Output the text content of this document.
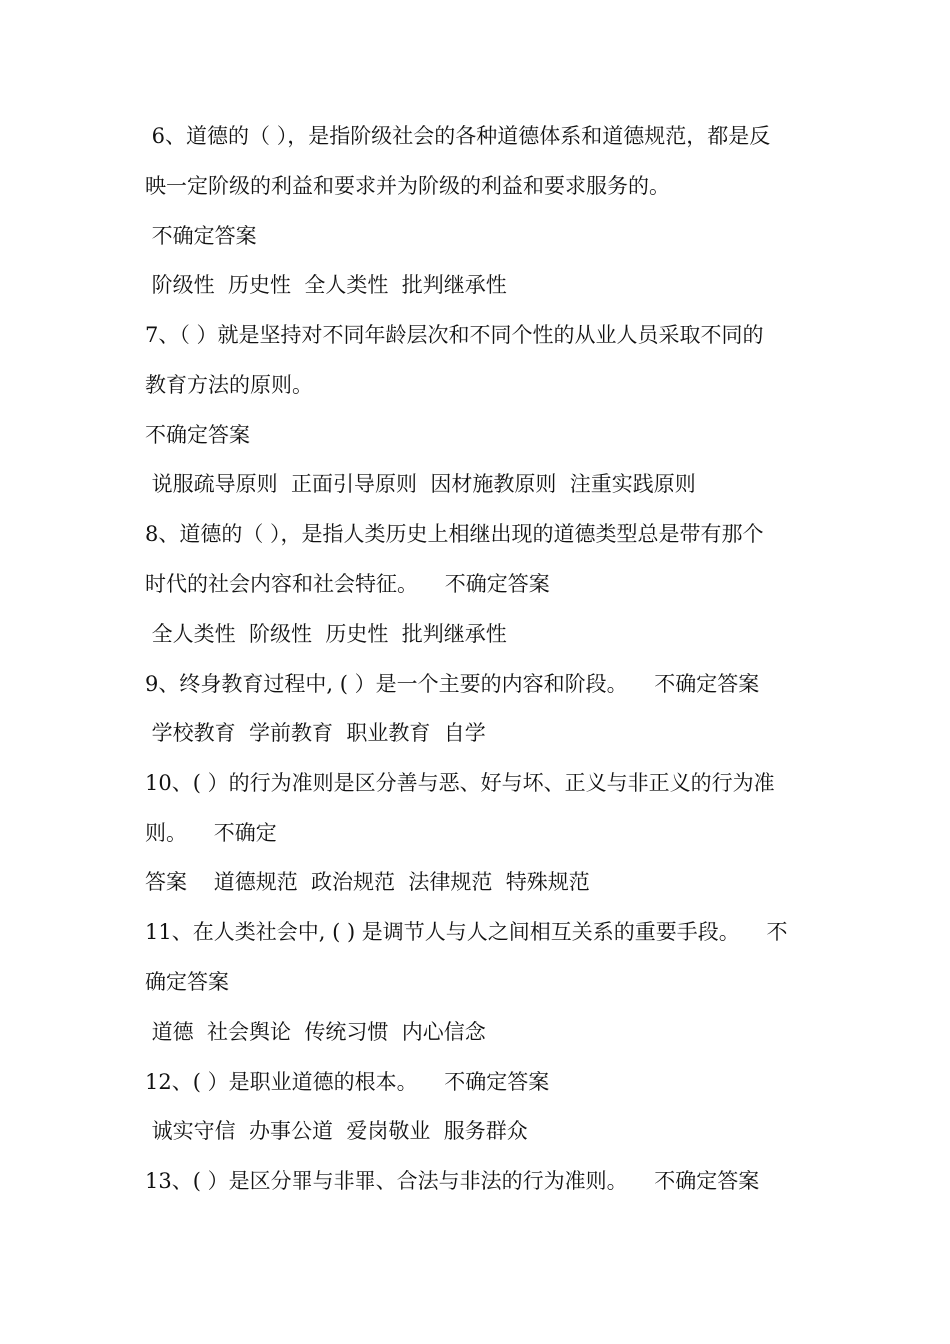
6、道德的（ ），是指阶级社会的各种道德体系和道德规范，都是反
映一定阶级的利益和要求并为阶级的利益和要求服务的。
不确定答案
阶级性  历史性  全人类性  批判继承性
7、（ ）就是坚持对不同年龄层次和不同个性的从业人员采取不同的
教育方法的原则。
不确定答案
说服疏导原则  正面引导原则  因材施教原则  注重实践原则
8、道德的（ ），是指人类历史上相继出现的道德类型总是带有那个
时代的社会内容和社会特征。    不确定答案
全人类性  阶级性  历史性  批判继承性
9、终身教育过程中, ( ）是一个主要的内容和阶段。    不确定答案
学校教育  学前教育  职业教育  自学
10、( ）的行为准则是区分善与恶、好与坏、正义与非正义的行为准
则。    不确定
答案    道德规范  政治规范  法律规范  特殊规范
11、在人类社会中, ( ) 是调节人与人之间相互关系的重要手段。    不
确定答案
道德  社会舆论  传统习惯  内心信念
12、( ）是职业道德的根本。    不确定答案
诚实守信  办事公道  爱岗敬业  服务群众
13、( ）是区分罪与非罪、合法与非法的行为准则。    不确定答案
